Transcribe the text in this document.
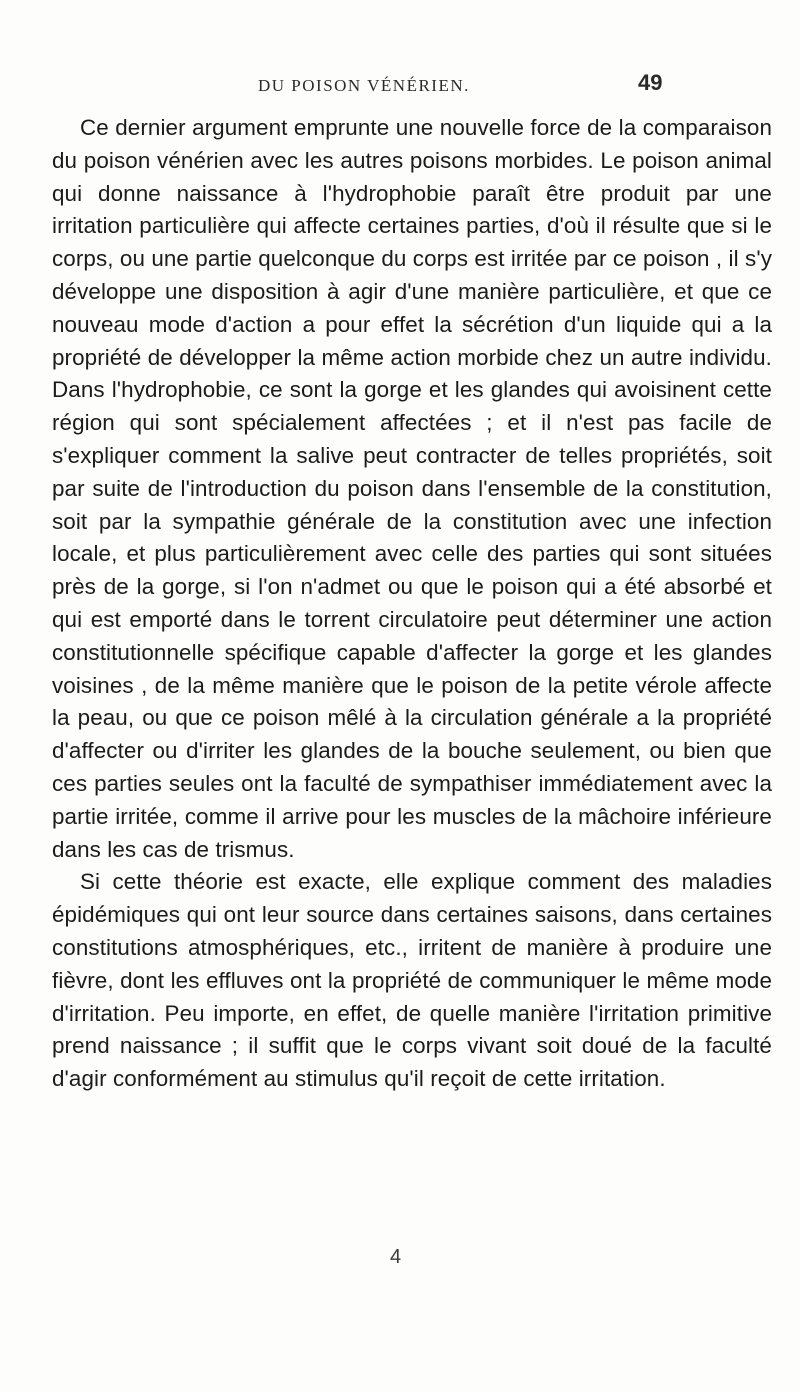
DU POISON VÉNÉRIEN.	49

Ce dernier argument emprunte une nouvelle force de la comparaison du poison vénérien avec les autres poisons morbides. Le poison animal qui donne naissance à l'hydrophobie paraît être produit par une irritation particulière qui affecte certaines parties, d'où il résulte que si le corps, ou une partie quelconque du corps est irritée par ce poison , il s'y développe une disposition à agir d'une manière particulière, et que ce nouveau mode d'action a pour effet la sécrétion d'un liquide qui a la propriété de développer la même action morbide chez un autre individu. Dans l'hydrophobie, ce sont la gorge et les glandes qui avoisinent cette région qui sont spécialement affectées ; et il n'est pas facile de s'expliquer comment la salive peut contracter de telles propriétés, soit par suite de l'introduction du poison dans l'ensemble de la constitution, soit par la sympathie générale de la constitution avec une infection locale, et plus particulièrement avec celle des parties qui sont situées près de la gorge, si l'on n'admet ou que le poison qui a été absorbé et qui est emporté dans le torrent circulatoire peut déterminer une action constitutionnelle spécifique capable d'affecter la gorge et les glandes voisines , de la même manière que le poison de la petite vérole affecte la peau, ou que ce poison mêlé à la circulation générale a la propriété d'affecter ou d'irriter les glandes de la bouche seulement, ou bien que ces parties seules ont la faculté de sympathiser immédiatement avec la partie irritée, comme il arrive pour les muscles de la mâchoire inférieure dans les cas de trismus.

Si cette théorie est exacte, elle explique comment des maladies épidémiques qui ont leur source dans certaines saisons, dans certaines constitutions atmosphériques, etc., irritent de manière à produire une fièvre, dont les effluves ont la propriété de communiquer le même mode d'irritation. Peu importe, en effet, de quelle manière l'irritation primitive prend naissance ; il suffit que le corps vivant soit doué de la faculté d'agir conformément au stimulus qu'il reçoit de cette irritation.

4
